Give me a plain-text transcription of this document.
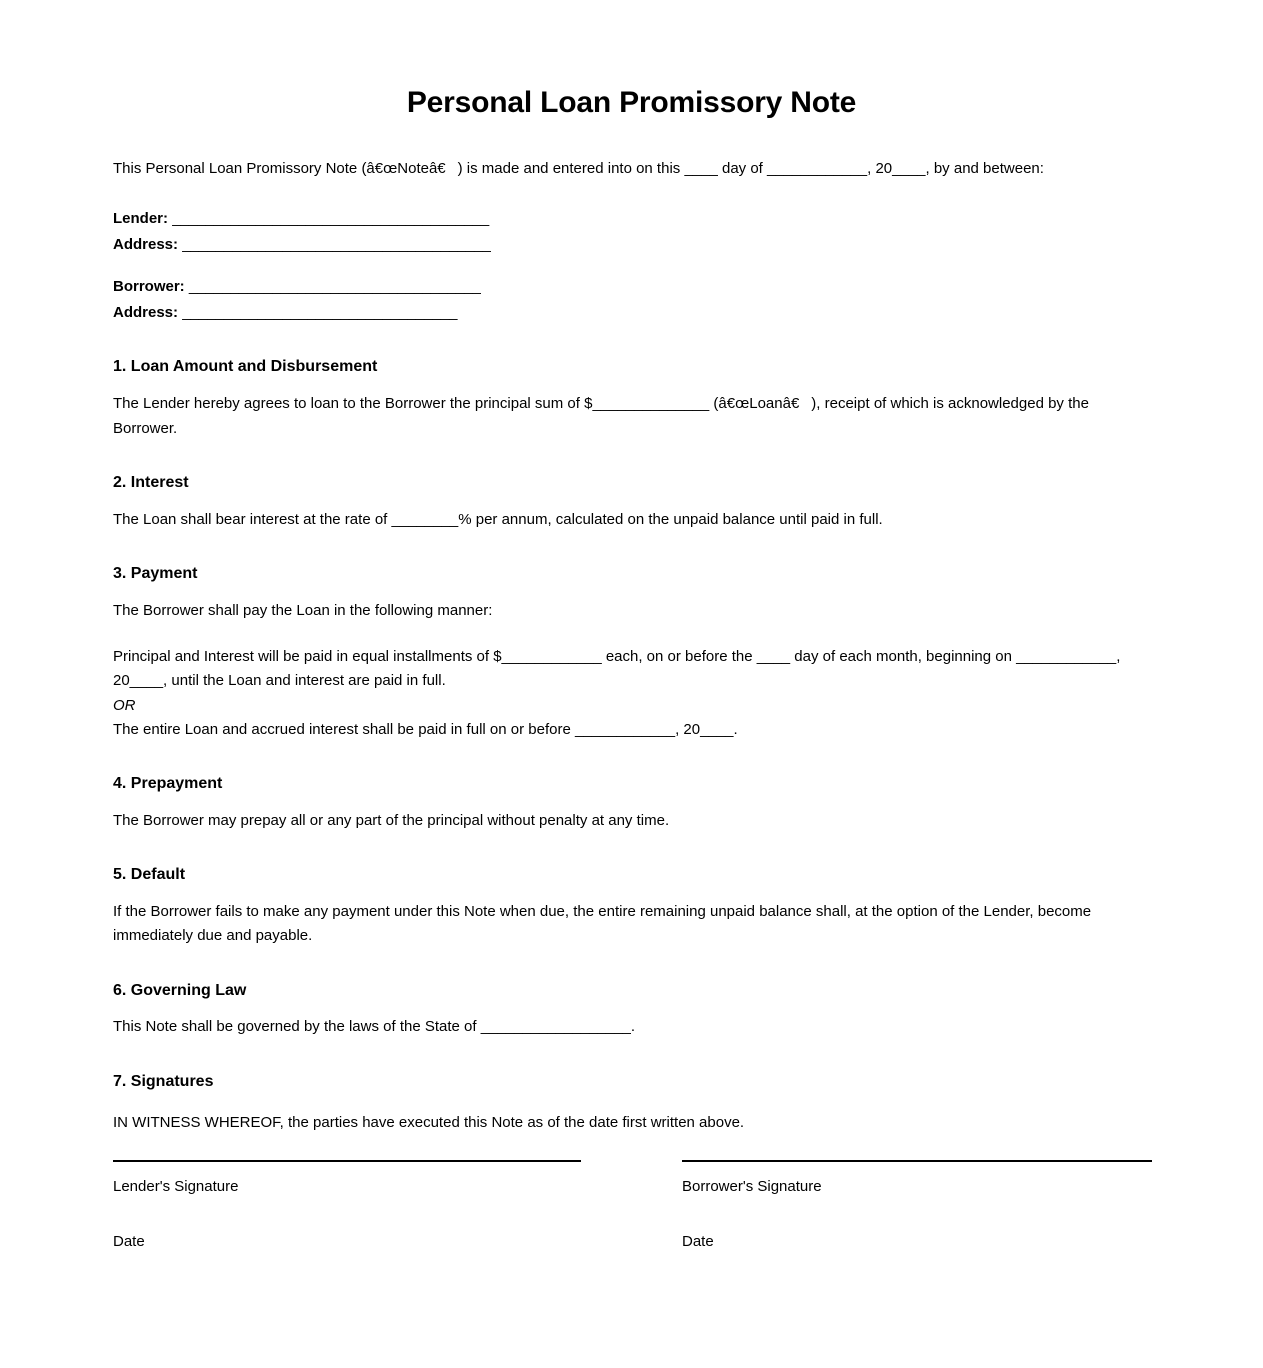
Personal Loan Promissory Note
This Personal Loan Promissory Note (â€œNoteâ€) is made and entered into on this ____ day of ____________, 20____, by and between:
Lender: ______________________________________
Address: _____________________________________
Borrower: ___________________________________
Address: _________________________________
1. Loan Amount and Disbursement

The Lender hereby agrees to loan to the Borrower the principal sum of $______________ (â€œLoanâ€), receipt of which is acknowledged by the Borrower.

2. Interest

The Loan shall bear interest at the rate of ________% per annum, calculated on the unpaid balance until paid in full.

3. Payment

The Borrower shall pay the Loan in the following manner:

Principal and Interest will be paid in equal installments of $____________ each, on or before the ____ day of each month, beginning on ____________, 20____, until the Loan and interest are paid in full.

OR
The entire Loan and accrued interest shall be paid in full on or before ____________, 20____.
4. Prepayment

The Borrower may prepay all or any part of the principal without penalty at any time.

5. Default

If the Borrower fails to make any payment under this Note when due, the entire remaining unpaid balance shall, at the option of the Lender, become immediately due and payable.

6. Governing Law

This Note shall be governed by the laws of the State of __________________.

7. Signatures

IN WITNESS WHEREOF, the parties have executed this Note as of the date first written above.

Lender's Signature
Date
Borrower's Signature
Date
